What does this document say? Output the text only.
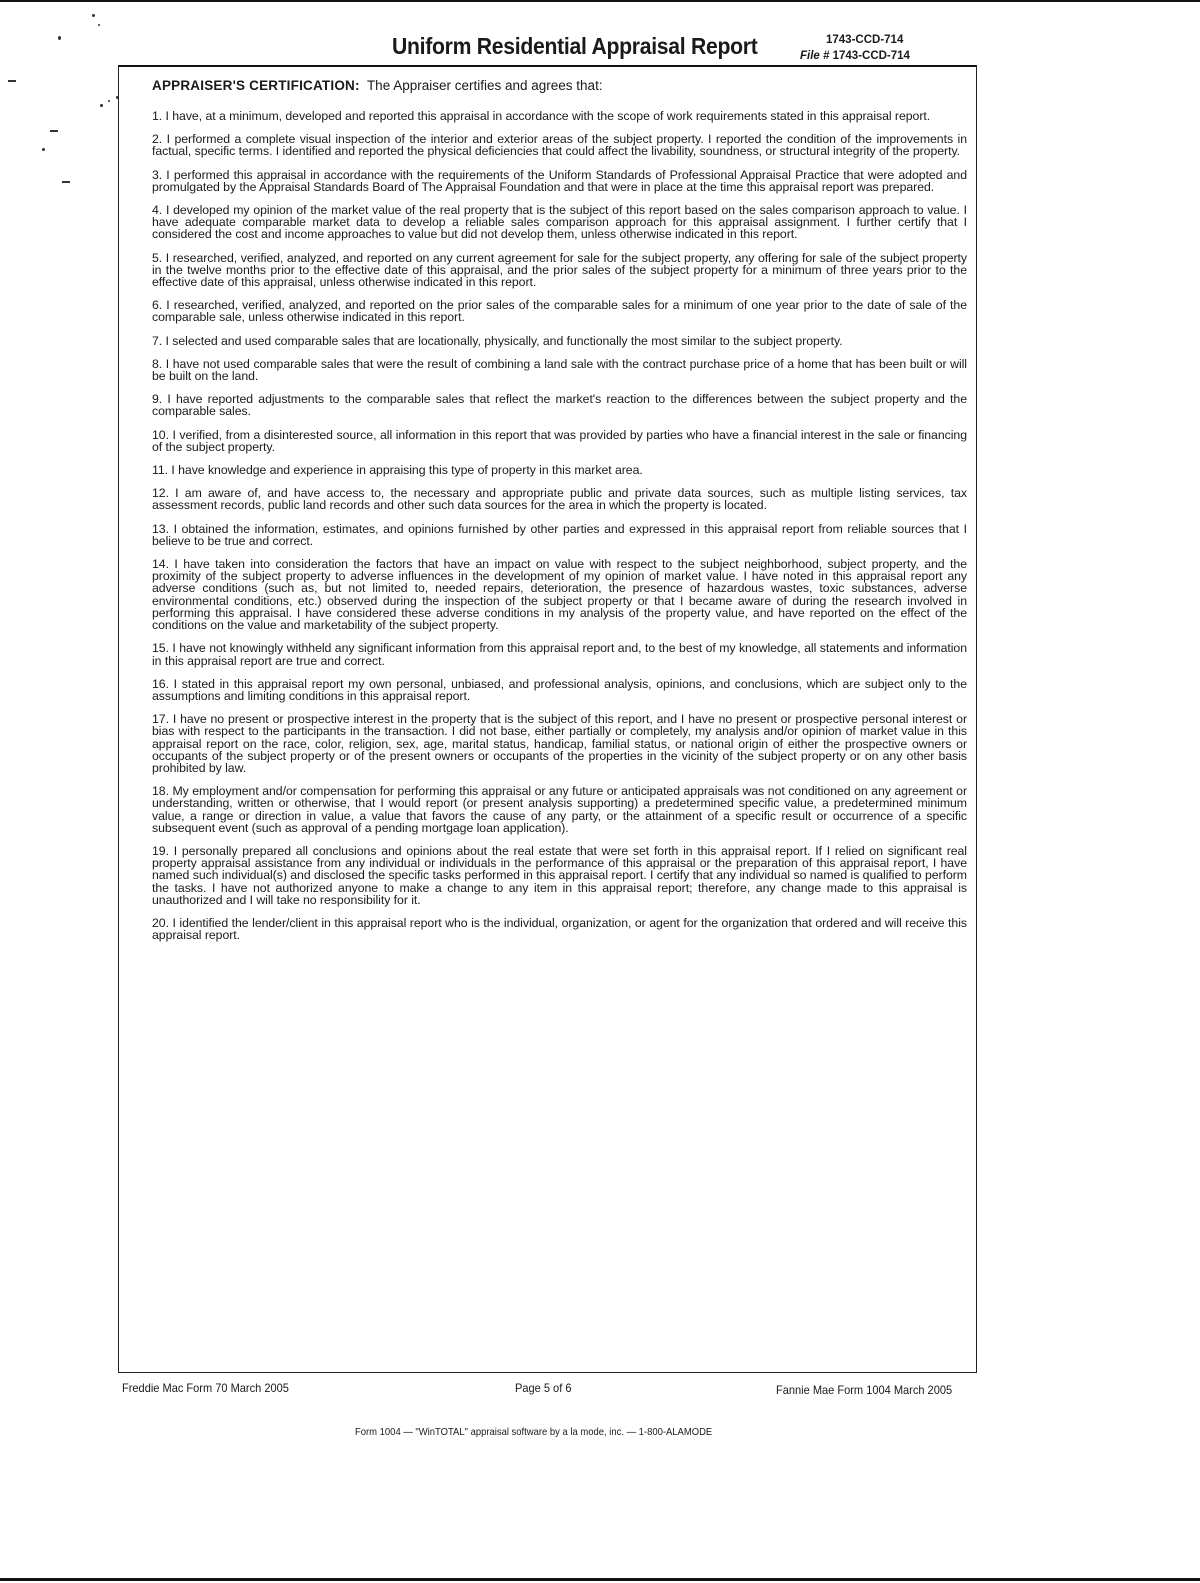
Uniform Residential Appraisal Report	1743-CCD-714
File # 1743-CCD-714
APPRAISER'S CERTIFICATION: The Appraiser certifies and agrees that:

1. I have, at a minimum, developed and reported this appraisal in accordance with the scope of work requirements stated in this appraisal report.

2. I performed a complete visual inspection of the interior and exterior areas of the subject property. I reported the condition of the improvements in factual, specific terms. I identified and reported the physical deficiencies that could affect the livability, soundness, or structural integrity of the property.

3. I performed this appraisal in accordance with the requirements of the Uniform Standards of Professional Appraisal Practice that were adopted and promulgated by the Appraisal Standards Board of The Appraisal Foundation and that were in place at the time this appraisal report was prepared.

4. I developed my opinion of the market value of the real property that is the subject of this report based on the sales comparison approach to value. I have adequate comparable market data to develop a reliable sales comparison approach for this appraisal assignment. I further certify that I considered the cost and income approaches to value but did not develop them, unless otherwise indicated in this report.

5. I researched, verified, analyzed, and reported on any current agreement for sale for the subject property, any offering for sale of the subject property in the twelve months prior to the effective date of this appraisal, and the prior sales of the subject property for a minimum of three years prior to the effective date of this appraisal, unless otherwise indicated in this report.

6. I researched, verified, analyzed, and reported on the prior sales of the comparable sales for a minimum of one year prior to the date of sale of the comparable sale, unless otherwise indicated in this report.

7. I selected and used comparable sales that are locationally, physically, and functionally the most similar to the subject property.

8. I have not used comparable sales that were the result of combining a land sale with the contract purchase price of a home that has been built or will be built on the land.

9. I have reported adjustments to the comparable sales that reflect the market's reaction to the differences between the subject property and the comparable sales.

10. I verified, from a disinterested source, all information in this report that was provided by parties who have a financial interest in the sale or financing of the subject property.

11. I have knowledge and experience in appraising this type of property in this market area.

12. I am aware of, and have access to, the necessary and appropriate public and private data sources, such as multiple listing services, tax assessment records, public land records and other such data sources for the area in which the property is located.

13. I obtained the information, estimates, and opinions furnished by other parties and expressed in this appraisal report from reliable sources that I believe to be true and correct.

14. I have taken into consideration the factors that have an impact on value with respect to the subject neighborhood, subject property, and the proximity of the subject property to adverse influences in the development of my opinion of market value. I have noted in this appraisal report any adverse conditions (such as, but not limited to, needed repairs, deterioration, the presence of hazardous wastes, toxic substances, adverse environmental conditions, etc.) observed during the inspection of the subject property or that I became aware of during the research involved in performing this appraisal. I have considered these adverse conditions in my analysis of the property value, and have reported on the effect of the conditions on the value and marketability of the subject property.

15. I have not knowingly withheld any significant information from this appraisal report and, to the best of my knowledge, all statements and information in this appraisal report are true and correct.

16. I stated in this appraisal report my own personal, unbiased, and professional analysis, opinions, and conclusions, which are subject only to the assumptions and limiting conditions in this appraisal report.

17. I have no present or prospective interest in the property that is the subject of this report, and I have no present or prospective personal interest or bias with respect to the participants in the transaction. I did not base, either partially or completely, my analysis and/or opinion of market value in this appraisal report on the race, color, religion, sex, age, marital status, handicap, familial status, or national origin of either the prospective owners or occupants of the subject property or of the present owners or occupants of the properties in the vicinity of the subject property or on any other basis prohibited by law.

18. My employment and/or compensation for performing this appraisal or any future or anticipated appraisals was not conditioned on any agreement or understanding, written or otherwise, that I would report (or present analysis supporting) a predetermined specific value, a predetermined minimum value, a range or direction in value, a value that favors the cause of any party, or the attainment of a specific result or occurrence of a specific subsequent event (such as approval of a pending mortgage loan application).

19. I personally prepared all conclusions and opinions about the real estate that were set forth in this appraisal report. If I relied on significant real property appraisal assistance from any individual or individuals in the performance of this appraisal or the preparation of this appraisal report, I have named such individual(s) and disclosed the specific tasks performed in this appraisal report. I certify that any individual so named is qualified to perform the tasks. I have not authorized anyone to make a change to any item in this appraisal report; therefore, any change made to this appraisal is unauthorized and I will take no responsibility for it.

20. I identified the lender/client in this appraisal report who is the individual, organization, or agent for the organization that ordered and will receive this appraisal report.

Freddie Mac Form 70 March 2005	Page 5 of 6	Fannie Mae Form 1004 March 2005
Form 1004 — "WinTOTAL" appraisal software by a la mode, inc. — 1-800-ALAMODE
